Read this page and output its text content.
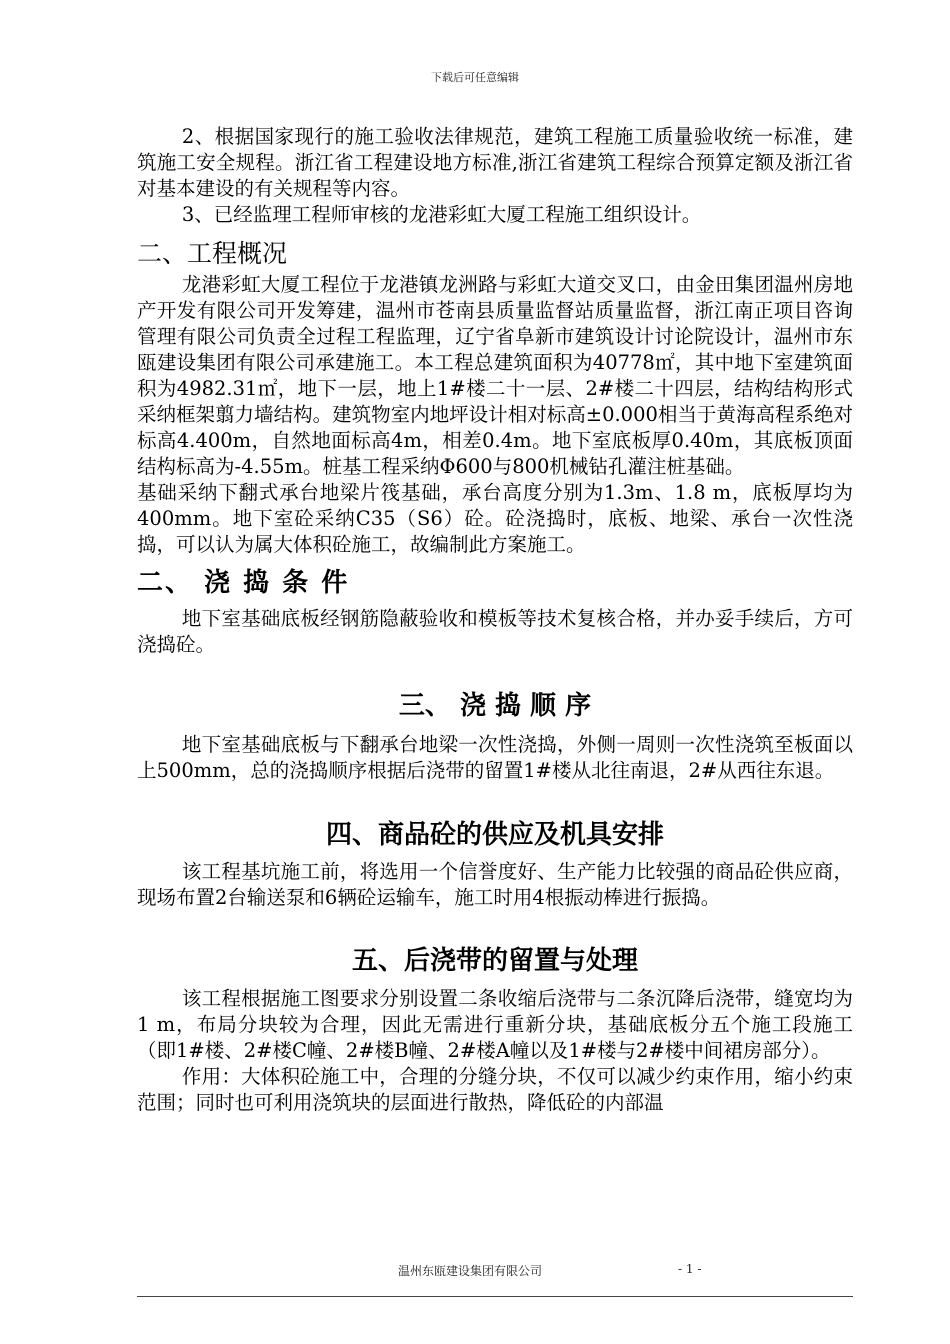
下载后可任意编辑

2、根据国家现行的施工验收法律规范，建筑工程施工质量验收统一标准，建筑施工安全规程。浙江省工程建设地方标准,浙江省建筑工程综合预算定额及浙江省对基本建设的有关规程等内容。

3、已经监理工程师审核的龙港彩虹大厦工程施工组织设计。

二、工程概况

龙港彩虹大厦工程位于龙港镇龙洲路与彩虹大道交叉口，由金田集团温州房地产开发有限公司开发筹建，温州市苍南县质量监督站质量监督，浙江南正项目咨询管理有限公司负责全过程工程监理，辽宁省阜新市建筑设计讨论院设计，温州市东瓯建设集团有限公司承建施工。本工程总建筑面积为40778㎡，其中地下室建筑面积为4982.31㎡，地下一层，地上1#楼二十一层、2#楼二十四层，结构结构形式采纳框架翦力墙结构。建筑物室内地坪设计相对标高±0.000相当于黄海高程系绝对标高4.400m，自然地面标高4m，相差0.4m。地下室底板厚0.40m，其底板顶面结构标高为-4.55m。桩基工程采纳Φ600与800机械钻孔灌注桩基础。

基础采纳下翻式承台地梁片筏基础，承台高度分别为1.3m、1.8 m，底板厚均为400mm。地下室砼采纳C35（S6）砼。砼浇捣时，底板、地梁、承台一次性浇捣，可以认为属大体积砼施工，故编制此方案施工。

二、 浇 捣 条 件

地下室基础底板经钢筋隐蔽验收和模板等技术复核合格，并办妥手续后，方可浇捣砼。

三、 浇 捣 顺 序

地下室基础底板与下翻承台地梁一次性浇捣，外侧一周则一次性浇筑至板面以上500mm，总的浇捣顺序根据后浇带的留置1#楼从北往南退，2#从西往东退。

四、商品砼的供应及机具安排

该工程基坑施工前，将选用一个信誉度好、生产能力比较强的商品砼供应商，现场布置2台输送泵和6辆砼运输车，施工时用4根振动棒进行振捣。

五、后浇带的留置与处理

该工程根据施工图要求分别设置二条收缩后浇带与二条沉降后浇带，缝宽均为1 m，布局分块较为合理，因此无需进行重新分块，基础底板分五个施工段施工（即1#楼、2#楼C幢、2#楼B幢、2#楼A幢以及1#楼与2#楼中间裙房部分）。

作用：大体积砼施工中，合理的分缝分块，不仅可以减少约束作用，缩小约束范围；同时也可利用浇筑块的层面进行散热，降低砼的内部温

温州东瓯建设集团有限公司	- 1 -
